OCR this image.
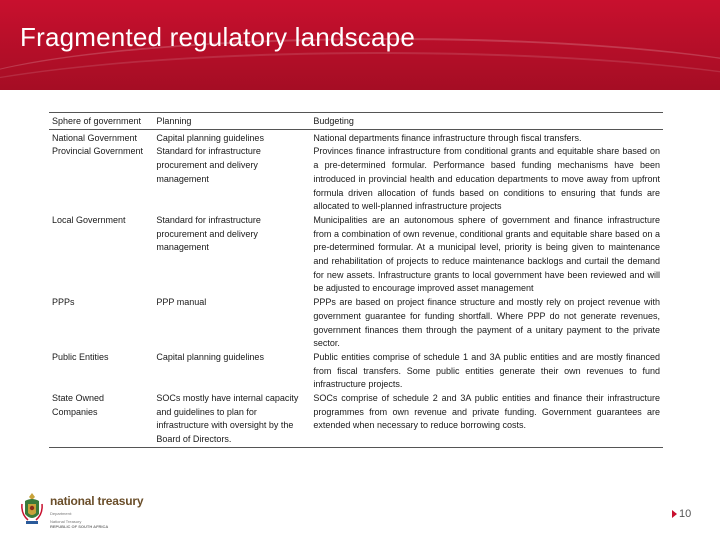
Fragmented regulatory landscape
Sphere of government	Planning	Budgeting
National Government	Capital planning guidelines	National departments finance infrastructure through fiscal transfers.
Provincial Government	Standard for infrastructure procurement and delivery management	Provinces finance infrastructure from conditional grants and equitable share based on a pre-determined formular. Performance based funding mechanisms have been introduced in provincial health and education departments to move away from upfront formula driven allocation of funds based on conditions to ensuring that funds are allocated to well-planned infrastructure projects
Local Government	Standard for infrastructure procurement and delivery management	Municipalities are an autonomous sphere of government and finance infrastructure from a combination of own revenue, conditional grants and equitable share based on a pre-determined formular. At a municipal level, priority is being given to maintenance and rehabilitation of projects to reduce maintenance backlogs and curtail the demand for new assets. Infrastructure grants to local government have been reviewed and will be adjusted to encourage improved asset management
PPPs	PPP manual	PPPs are based on project finance structure and mostly rely on project revenue with government guarantee for funding shortfall. Where PPP do not generate revenues, government finances them through the payment of a unitary payment to the private sector.
Public Entities	Capital planning guidelines	Public entities comprise of schedule 1 and 3A public entities and are mostly financed from fiscal transfers. Some public entities generate their own revenues to fund infrastructure projects.
State Owned Companies	SOCs mostly have internal capacity and guidelines to plan for infrastructure with oversight by the Board of Directors.	SOCs comprise of schedule 2 and 3A public entities and finance their infrastructure programmes from own revenue and private funding. Government guarantees are extended when necessary to reduce borrowing costs.
national treasury
Department:
National Treasury
REPUBLIC OF SOUTH AFRICA
10
